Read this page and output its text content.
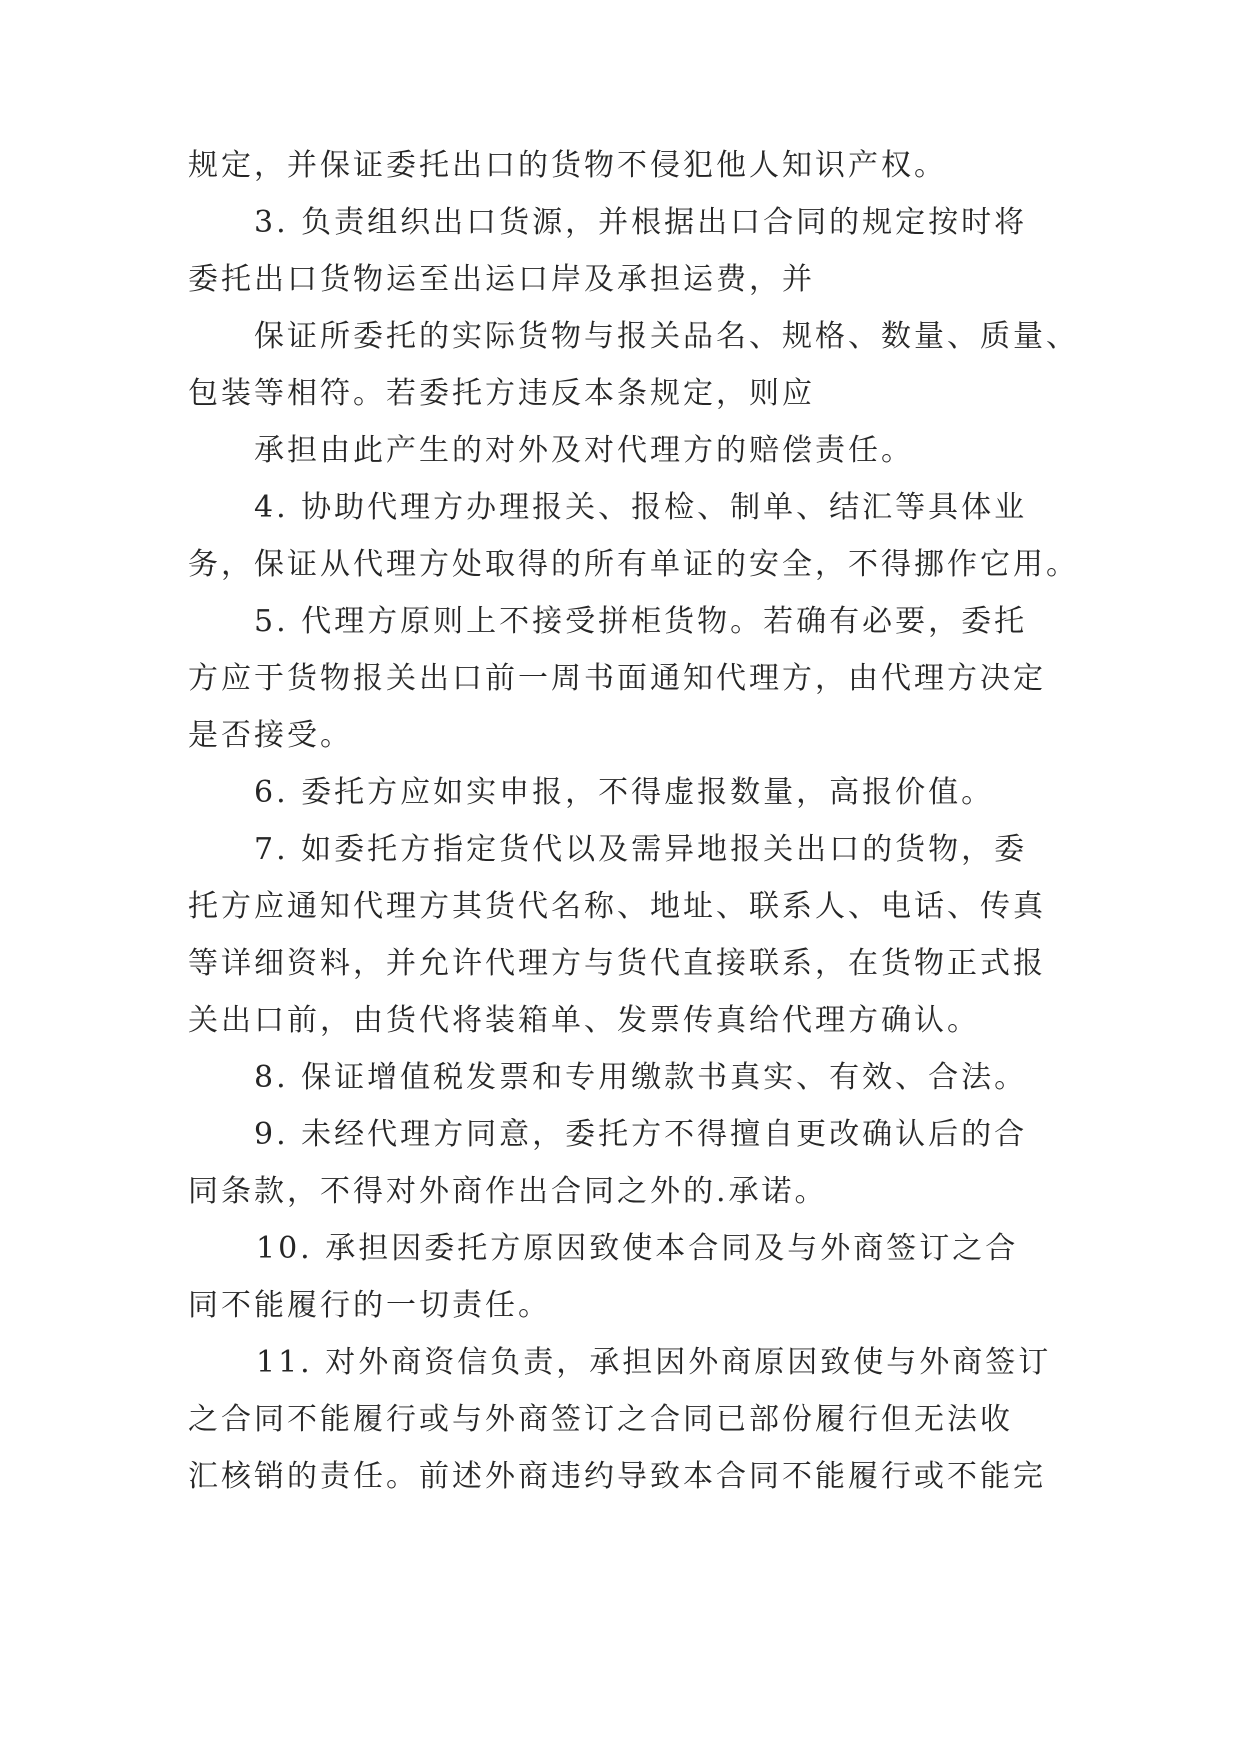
规定，并保证委托出口的货物不侵犯他人知识产权。
3. 负责组织出口货源，并根据出口合同的规定按时将
委托出口货物运至出运口岸及承担运费，并
保证所委托的实际货物与报关品名、规格、数量、质量、
包装等相符。若委托方违反本条规定，则应
承担由此产生的对外及对代理方的赔偿责任。
4. 协助代理方办理报关、报检、制单、结汇等具体业
务，保证从代理方处取得的所有单证的安全，不得挪作它用。
5. 代理方原则上不接受拼柜货物。若确有必要，委托
方应于货物报关出口前一周书面通知代理方，由代理方决定
是否接受。
6. 委托方应如实申报，不得虚报数量，高报价值。
7. 如委托方指定货代以及需异地报关出口的货物，委
托方应通知代理方其货代名称、地址、联系人、电话、传真
等详细资料，并允许代理方与货代直接联系，在货物正式报
关出口前，由货代将装箱单、发票传真给代理方确认。
8. 保证增值税发票和专用缴款书真实、有效、合法。
9. 未经代理方同意，委托方不得擅自更改确认后的合
同条款，不得对外商作出合同之外的.承诺。
10. 承担因委托方原因致使本合同及与外商签订之合
同不能履行的一切责任。
11. 对外商资信负责，承担因外商原因致使与外商签订
之合同不能履行或与外商签订之合同已部份履行但无法收
汇核销的责任。前述外商违约导致本合同不能履行或不能完
